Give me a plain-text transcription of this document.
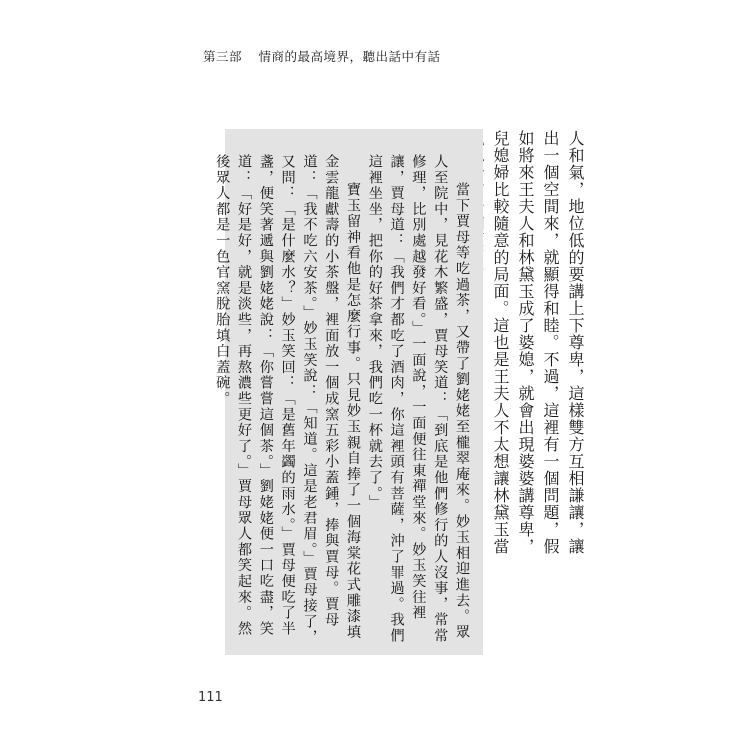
第三部 情商的最高境界，聽出話中有話

人和氣，地位低的要講上下尊卑，這樣雙方互相謙讓，讓出一個空間來，就顯得和睦。不過，這裡有一個問題，假如將來王夫人和林黛玉成了婆媳，就會出現婆婆講尊卑，兒媳婦比較隨意的局面。這也是王夫人不太想讓林黛玉當

當下賈母等吃過茶，又帶了劉姥姥至櫳翠庵來。妙玉相迎進去。眾人至院中，見花木繁盛，賈母笑道：「到底是他們修行的人沒事，常常修理，比別處越發好看。」一面說，一面便往東禪堂來。妙玉笑往裡讓，賈母道：「我們才都吃了酒肉，你這裡頭有菩薩，沖了罪過。我們這裡坐坐，把你的好茶拿來，我們吃一杯就去了。」

寶玉留神看他是怎麼行事。只見妙玉親自捧了一個海棠花式雕漆填金雲龍獻壽的小茶盤，裡面放一個成窯五彩小蓋鍾，捧與賈母。賈母道：「我不吃六安茶。」妙玉笑說：「知道。這是老君眉。」賈母接了，又問：「是什麼水？」妙玉笑回：「是舊年蠲的雨水。」賈母便吃了半盞，便笑著遞與劉姥姥說：「你嘗嘗這個茶。」劉姥姥便一口吃盡，笑道：「好是好，就是淡些，再熬濃些更好了。」賈母眾人都笑起來。然後眾人都是一色官窯脫胎填白蓋碗。

111
